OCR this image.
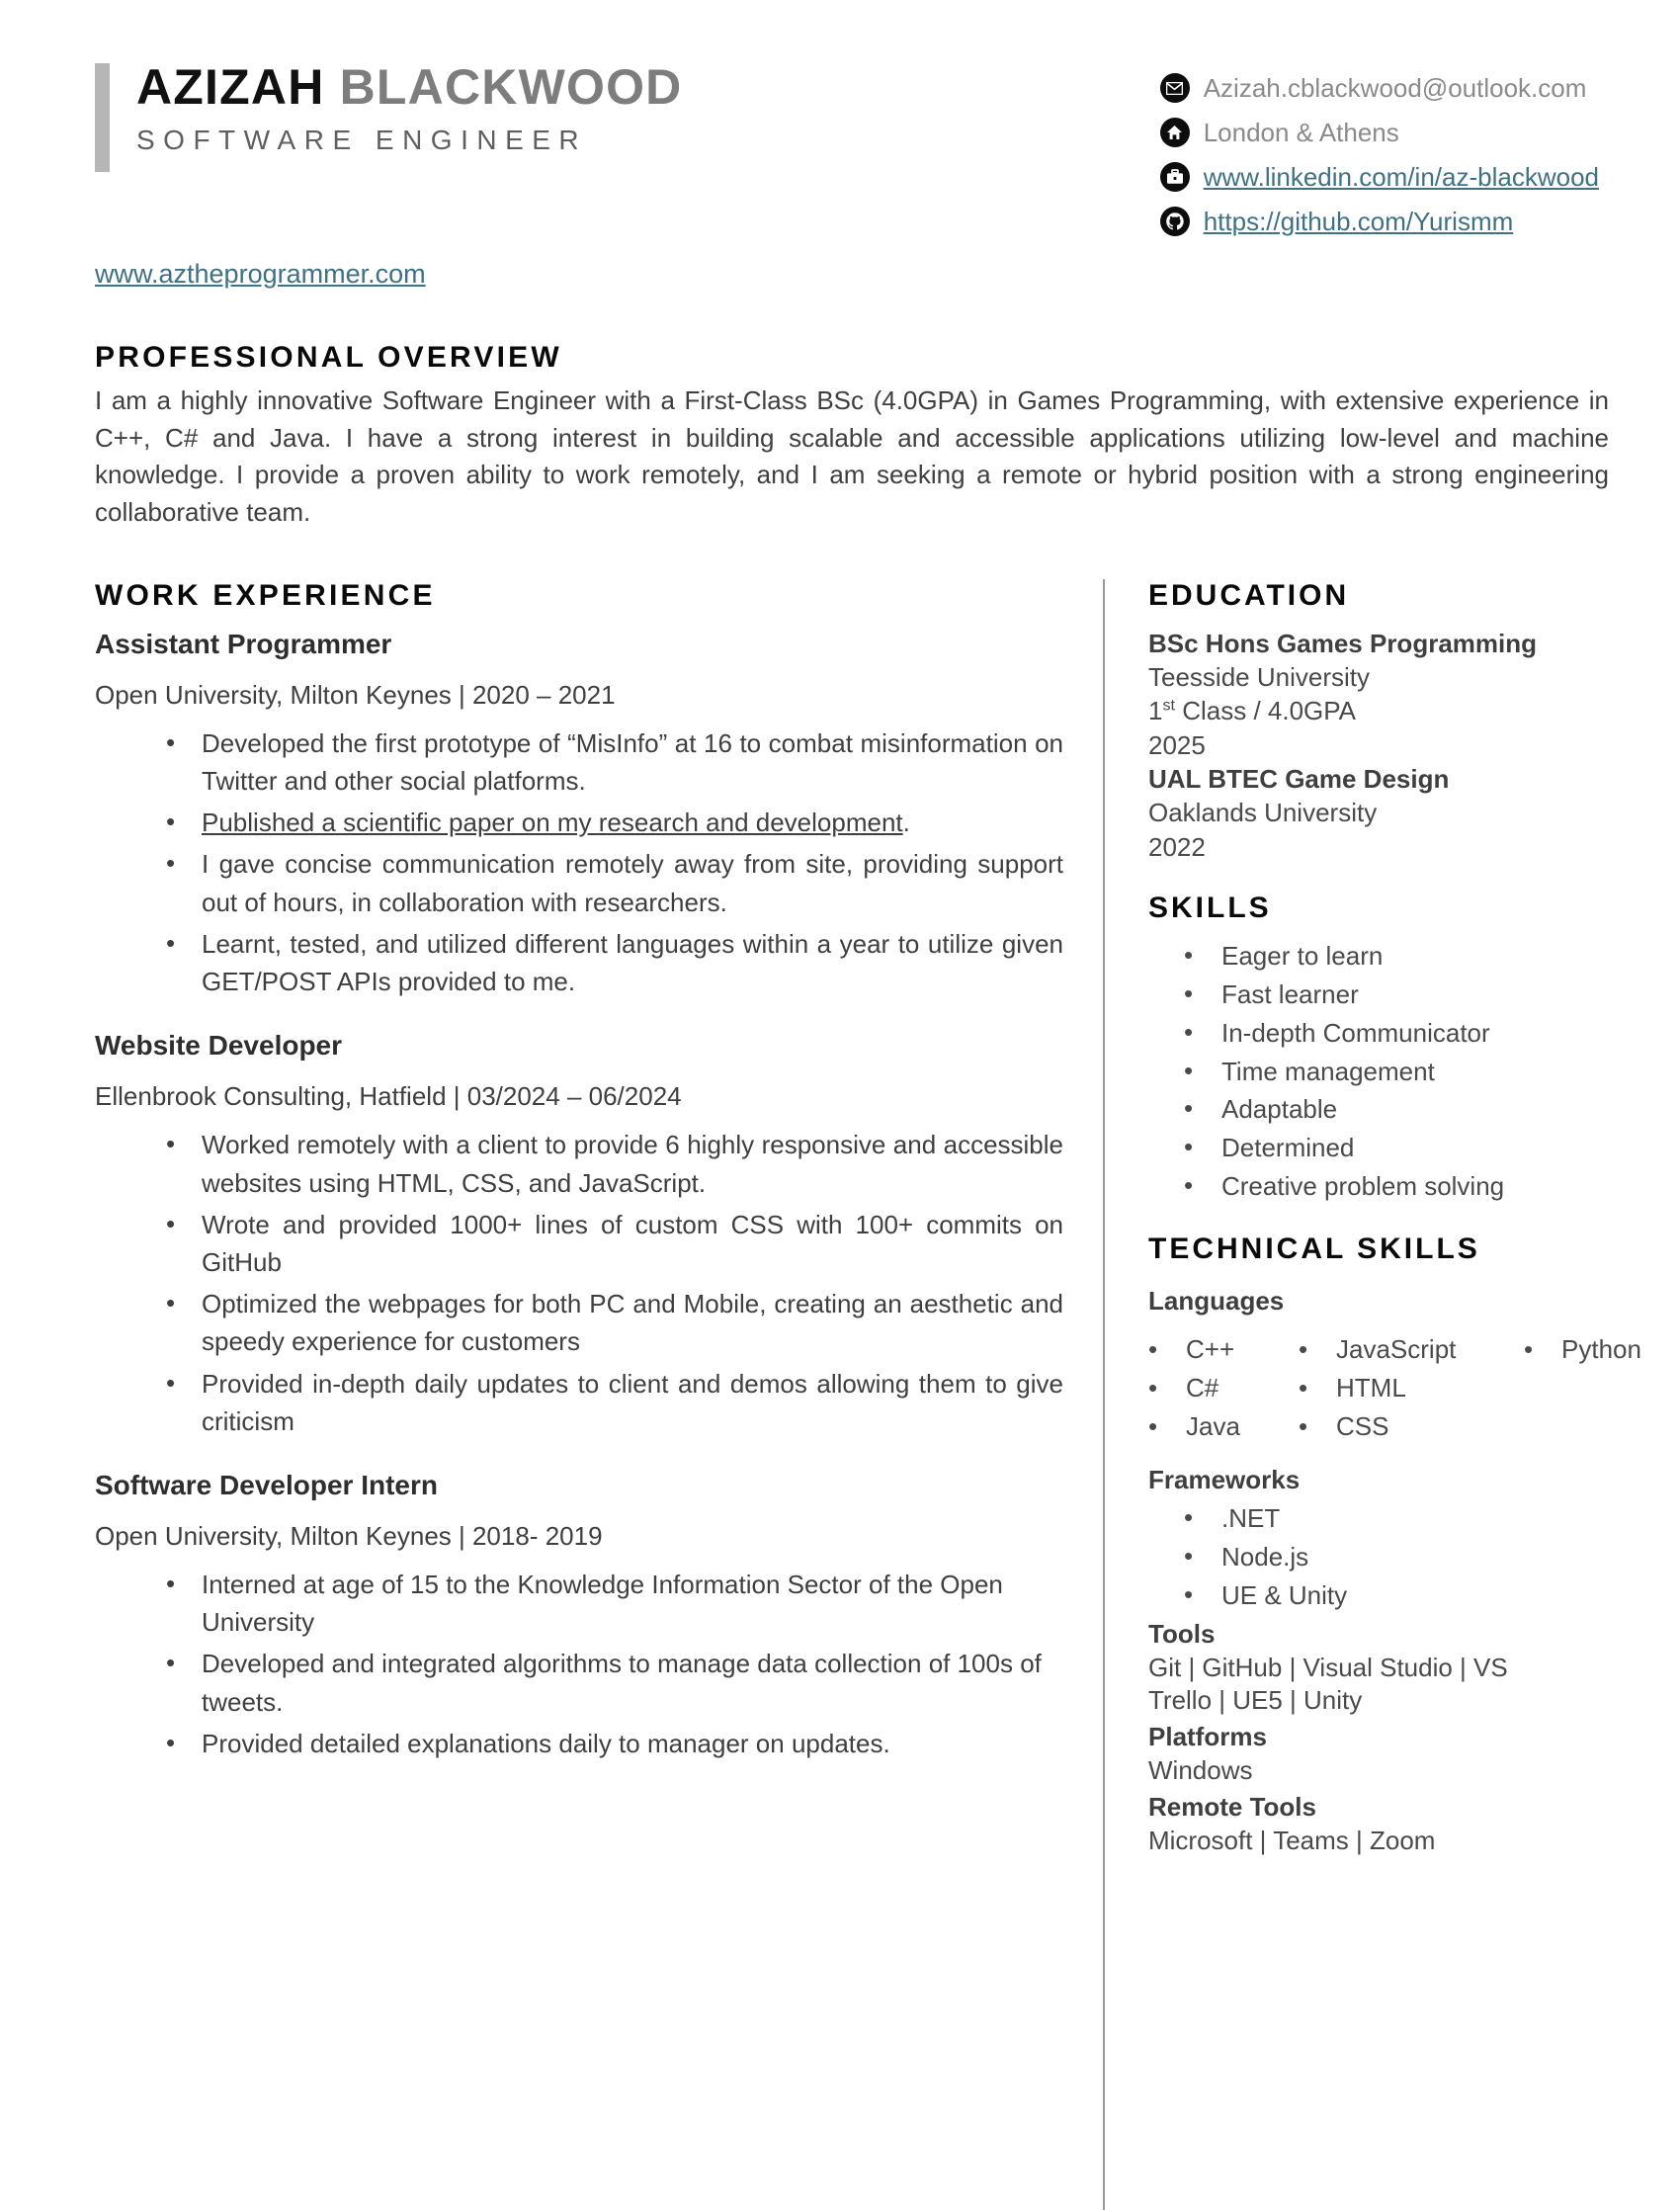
AZIZAH BLACKWOOD
SOFTWARE ENGINEER
Azizah.cblackwood@outlook.com
London & Athens
www.linkedin.com/in/az-blackwood
https://github.com/Yurismm
www.aztheprogrammer.com
PROFESSIONAL OVERVIEW

I am a highly innovative Software Engineer with a First-Class BSc (4.0GPA) in Games Programming, with extensive experience in C++, C# and Java. I have a strong interest in building scalable and accessible applications utilizing low-level and machine knowledge. I provide a proven ability to work remotely, and I am seeking a remote or hybrid position with a strong engineering collaborative team.

WORK EXPERIENCE
Assistant Programmer
Open University, Milton Keynes | 2020 – 2021
• Developed the first prototype of “MisInfo” at 16 to combat misinformation on Twitter and other social platforms.
• Published a scientific paper on my research and development.
• I gave concise communication remotely away from site, providing support out of hours, in collaboration with researchers.
• Learnt, tested, and utilized different languages within a year to utilize given GET/POST APIs provided to me.
Website Developer
Ellenbrook Consulting, Hatfield | 03/2024 – 06/2024
• Worked remotely with a client to provide 6 highly responsive and accessible websites using HTML, CSS, and JavaScript.
• Wrote and provided 1000+ lines of custom CSS with 100+ commits on GitHub
• Optimized the webpages for both PC and Mobile, creating an aesthetic and speedy experience for customers
• Provided in-depth daily updates to client and demos allowing them to give criticism
Software Developer Intern
Open University, Milton Keynes | 2018- 2019
• Interned at age of 15 to the Knowledge Information Sector of the Open University
• Developed and integrated algorithms to manage data collection of 100s of tweets.
• Provided detailed explanations daily to manager on updates.
EDUCATION

BSc Hons Games Programming

Teesside University

1st Class / 4.0GPA

2025

UAL BTEC Game Design

Oaklands University

2022

SKILLS
• Eager to learn
• Fast learner
• In-depth Communicator
• Time management
• Adaptable
• Determined
• Creative problem solving
TECHNICAL SKILLS

Languages

•	C++ •	JavaScript	•	Python
•	C#	•	HTML
•	Java •	CSS

Frameworks

• .NET
• Node.js
• UE & Unity

Tools

Git | GitHub | Visual Studio | VS

Trello | UE5 | Unity

Platforms

Windows

Remote Tools

Microsoft | Teams | Zoom
